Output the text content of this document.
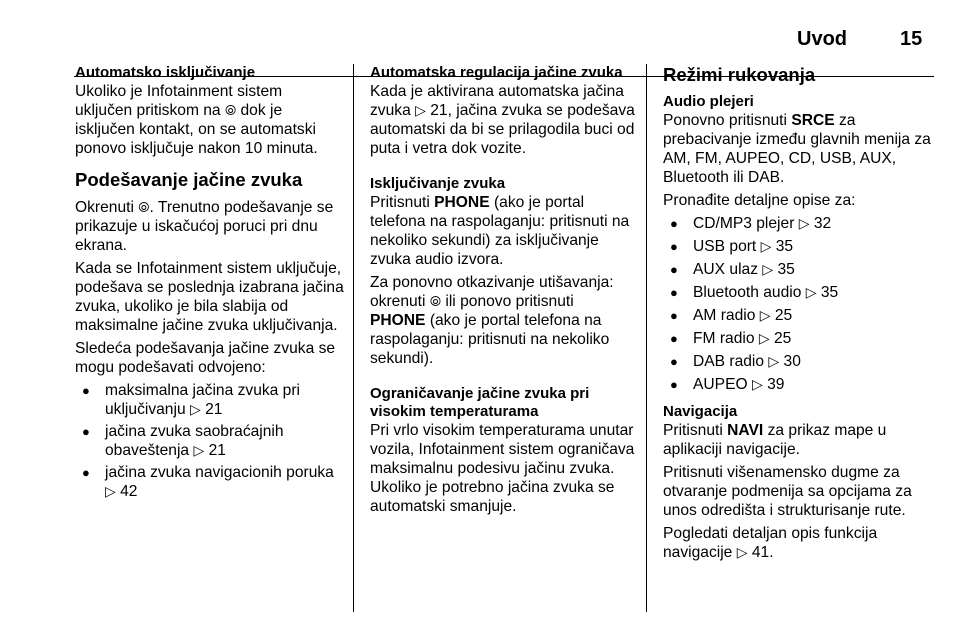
Uvod	15
Automatsko isključivanje

Ukoliko je Infotainment sistem
uključen pritiskom na ⦾ dok je
isključen kontakt, on se automatski
ponovo isključuje nakon 10 minuta.

Podešavanje jačine zvuka

Okrenuti ⦾. Trenutno podešavanje se prikazuje u iskačućoj poruci pri dnu ekrana.

Kada se Infotainment sistem uključuje, podešava se poslednja izabrana jačina zvuka, ukoliko je bila slabija od maksimalne jačine zvuka uključivanja.

Sledeća podešavanja jačine zvuka se mogu podešavati odvojeno:

● maksimalna jačina zvuka pri uključivanju ▷ 21
● jačina zvuka saobraćajnih obaveštenja ▷ 21
● jačina zvuka navigacionih poruka ▷ 42
Automatska regulacija jačine zvuka

Kada je aktivirana automatska jačina zvuka ▷ 21, jačina zvuka se podešava automatski da bi se prilagodila buci od puta i vetra dok vozite.

Isključivanje zvuka

Pritisnuti PHONE (ako je portal telefona na raspolaganju: pritisnuti na nekoliko sekundi) za isključivanje zvuka audio izvora.

Za ponovno otkazivanje utišavanja: okrenuti ⦾ ili ponovo pritisnuti
PHONE (ako je portal telefona na raspolaganju: pritisnuti na nekoliko sekundi).

Ograničavanje jačine zvuka pri
visokim temperaturama

Pri vrlo visokim temperaturama unutar vozila, Infotainment sistem ograničava maksimalnu podesivu jačinu zvuka. Ukoliko je potrebno jačina zvuka se automatski smanjuje.

Režimi rukovanja
Audio plejeri

Ponovno pritisnuti SRCE za prebacivanje između glavnih menija za AM, FM, AUPEO, CD, USB, AUX, Bluetooth ili DAB.

Pronađite detaljne opise za:

● CD/MP3 plejer ▷ 32
● USB port ▷ 35
● AUX ulaz ▷ 35
● Bluetooth audio ▷ 35
● AM radio ▷ 25
● FM radio ▷ 25
● DAB radio ▷ 30
● AUPEO ▷ 39
Navigacija

Pritisnuti NAVI za prikaz mape u aplikaciji navigacije.

Pritisnuti višenamensko dugme za otvaranje podmenija sa opcijama za unos odredišta i strukturisanje rute.

Pogledati detaljan opis funkcija navigacije ▷ 41.
